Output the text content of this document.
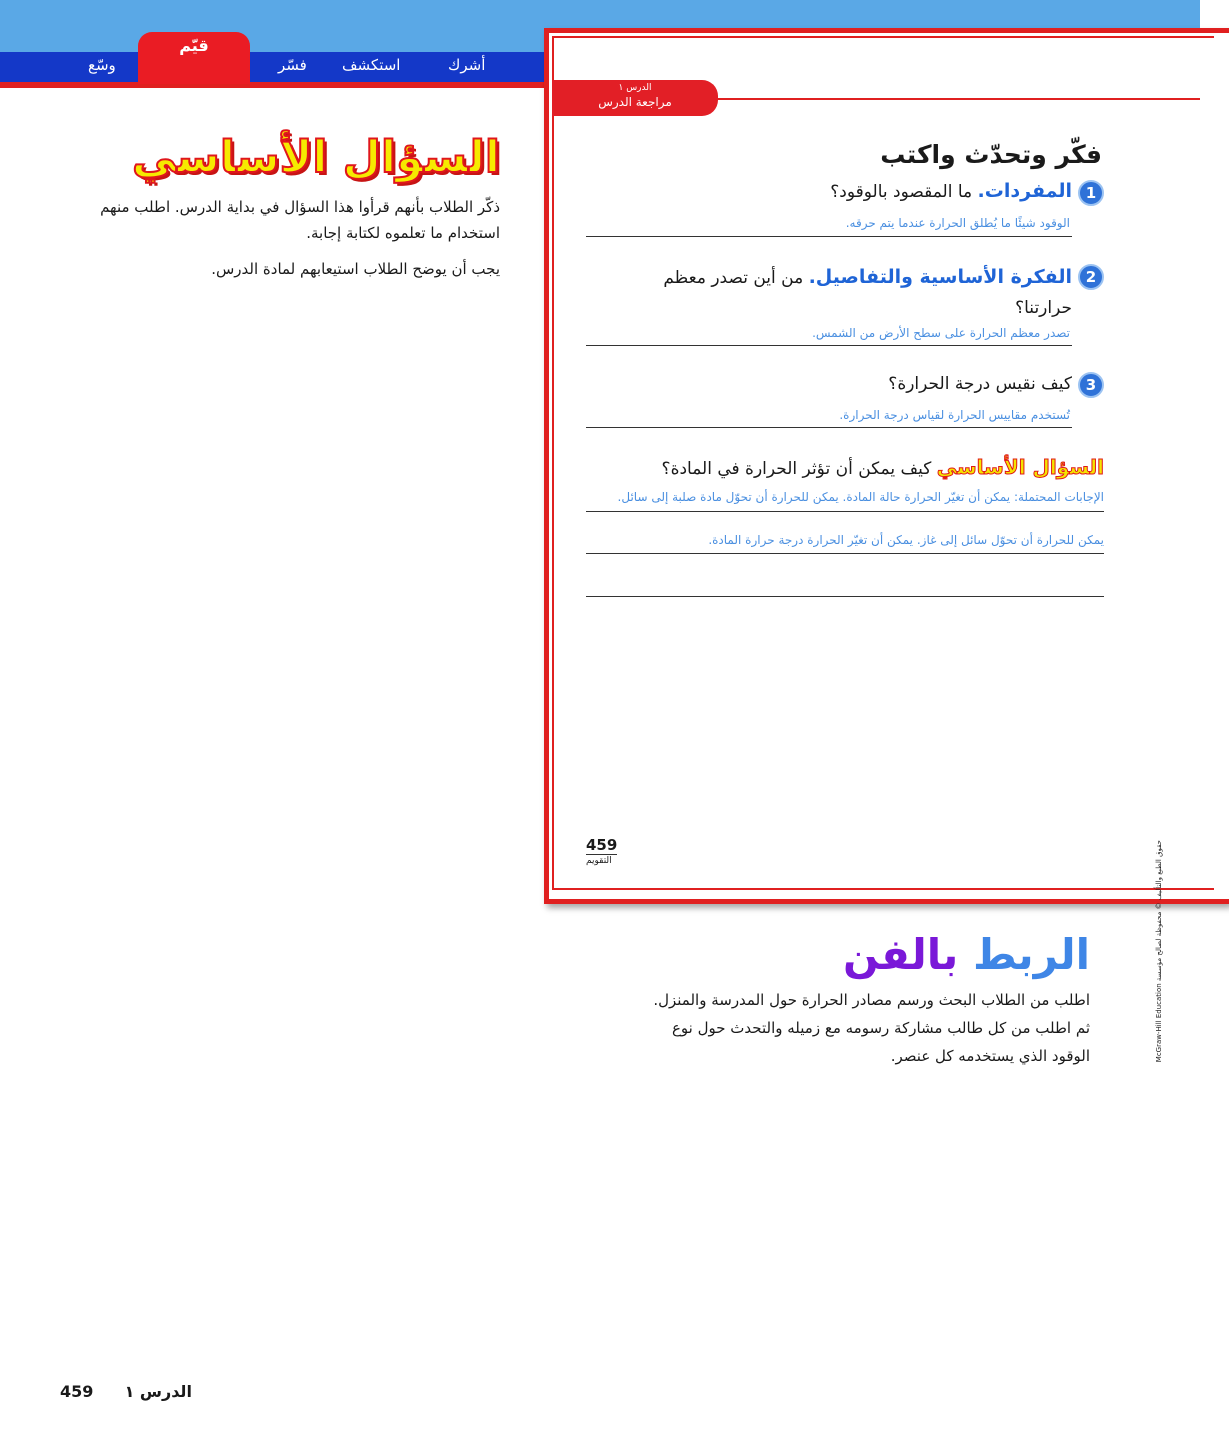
قيّم
وسّع	فسّر استكشف	أشرك
الدرس ١
مراجعة الدرس
فكّر وتحدّث واكتب
1
المفردات. ما المقصود بالوقود؟
الوقود شيئًا ما يُطلق الحرارة عندما يتم حرقه.
2
الفكرة الأساسية والتفاصيل. من أين تصدر معظم حرارتنا؟
تصدر معظم الحرارة على سطح الأرض من الشمس.
3
كيف نقيس درجة الحرارة؟
تُستخدم مقاييس الحرارة لقياس درجة الحرارة.
السؤال الأساسي كيف يمكن أن تؤثر الحرارة في المادة؟
الإجابات المحتملة: يمكن أن تغيّر الحرارة حالة المادة. يمكن للحرارة أن تحوّل مادة صلبة إلى سائل.
يمكن للحرارة أن تحوّل سائل إلى غاز. يمكن أن تغيّر الحرارة درجة حرارة المادة.
459
التقويم
حقوق الطبع والتأليف © محفوظة لصالح مؤسسة McGraw-Hill Education
السؤال الأساسي
ذكّر الطلاب بأنهم قرأوا هذا السؤال في بداية الدرس. اطلب منهم استخدام ما تعلموه لكتابة إجابة.
يجب أن يوضح الطلاب استيعابهم لمادة الدرس.
الربط بالفن
اطلب من الطلاب البحث ورسم مصادر الحرارة حول المدرسة والمنزل. ثم اطلب من كل طالب مشاركة رسومه مع زميله والتحدث حول نوع الوقود الذي يستخدمه كل عنصر.
459 الدرس ١
